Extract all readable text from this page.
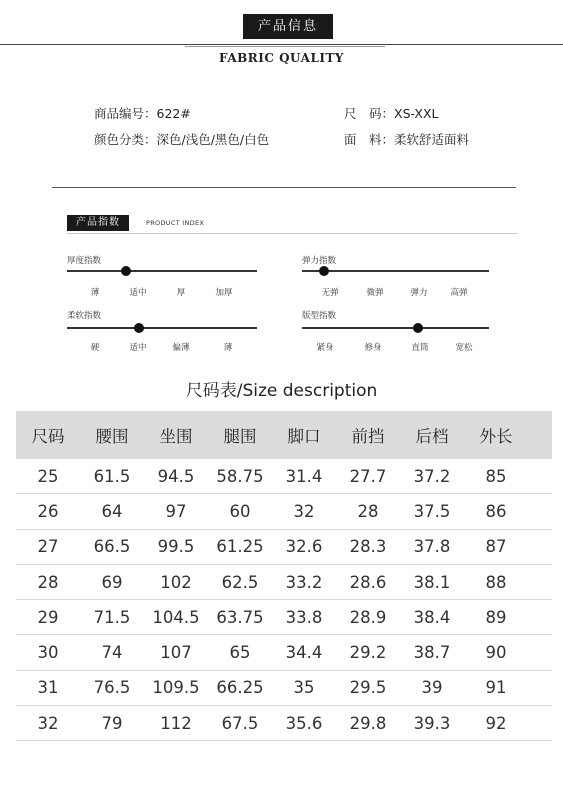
产品信息
FABRIC QUALITY
商品编号：622#	尺　码：XS-XXL
颜色分类：深色/浅色/黑色/白色	面　料：柔软舒适面料
产品指数	PRODUCT INDEX
厚度指数
薄	适中	厚	加厚
弹力指数
无弹	微弹	弹力	高弹
柔软指数
硬	适中	偏薄	薄
版型指数
紧身	修身	直筒	宽松
尺码表/Size description
尺码	腰围	坐围	腿围	脚口	前挡	后档	外长
25	61.5	94.5	58.75	31.4	27.7	37.2	85
26	64	97	60	32	28	37.5	86
27	66.5	99.5	61.25	32.6	28.3	37.8	87
28	69	102	62.5	33.2	28.6	38.1	88
29	71.5	104.5	63.75	33.8	28.9	38.4	89
30	74	107	65	34.4	29.2	38.7	90
31	76.5	109.5	66.25	35	29.5	39	91
32	79	112	67.5	35.6	29.8	39.3	92
